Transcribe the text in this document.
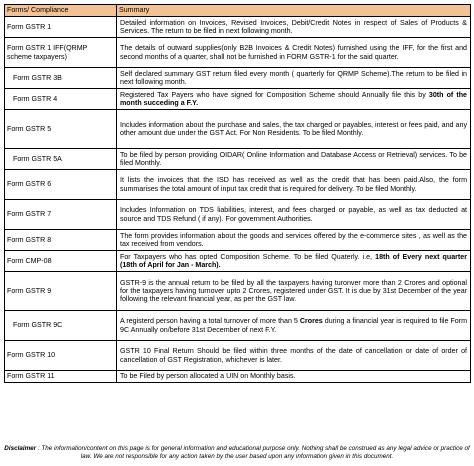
Forms/ Compliance	Summary
Form GSTR 1	Detailed information on Invoices, Revised Invoices, Debit/Credit Notes in respect of Sales of Products & Services. The return to be filed in next following month.
Form GSTR 1 IFF(QRMP scheme taxpayers)	The details of outward supplies(only B2B Invoices & Credit Notes) furnished using the IFF, for the first and second months of a quarter, shall not be furnished in FORM GSTR-1 for the said quarter.
Form GSTR 3B	Self declared summary GST return filed every month ( quarterly for QRMP Scheme).The return to be filed in next following month.
Form GSTR 4	Registered Tax Payers who have signed for Composition Scheme should Annually file this by 30th of the month succeding a F.Y.
Form GSTR 5	Includes information about the purchase and sales, the tax charged or payables, interest or fees paid, and any other amount due under the GST Act. For Non Residents. To be filed Monthly.
Form GSTR 5A	To be filed by person providing OIDAR( Online Information and Database Access or Retrieval) services. To be filed Monthly.
Form GSTR 6	It lists the invoices that the ISD has received as well as the credit that has been paid.Also, the form summarises the total amount of input tax credit that is required for delivery. To be filed Monthly.
Form GSTR 7	Includes Information on TDS liabilities, interest, and fees charged or payable, as well as tax deducted at source and TDS Refund ( if any). For government Authorities.
Form GSTR 8	The form provides information about the goods and services offered by the e-commerce sites , as well as the tax received from vendors.
Form CMP-08	For Taxpayers who has opted Composition Scheme. To be filed Quaterly. i.e, 18th of Every next quarter (18th of April for Jan - March).
Form GSTR 9	GSTR-9 is the annual return to be filed by all the taxpayers having turonver more than 2 Crores and optional for the taxpayers having turnover upto 2 Crores, registered under GST. It is due by 31st December of the year following the relevant financial year, as per the GST law.
Form GSTR 9C	A registerd person having a total turnover of more than 5 Crores during a financial year is required to file Form 9C Annually on/before 31st December of next F.Y.
Form GSTR 10	GSTR 10 Final Return Should be filed within three months of the date of cancellation or date of order of cancellation of GST Registration, whichever is later.
Form GSTR 11	To be Filed by person allocated a UIN on Monthly basis.
Disclaimer : The information/content on this page is for general information and educational purpose only. Nothing shall be construed as any legal advice or practice of law. We are not responsible for any action taken by the user based upon any information given in this document.
